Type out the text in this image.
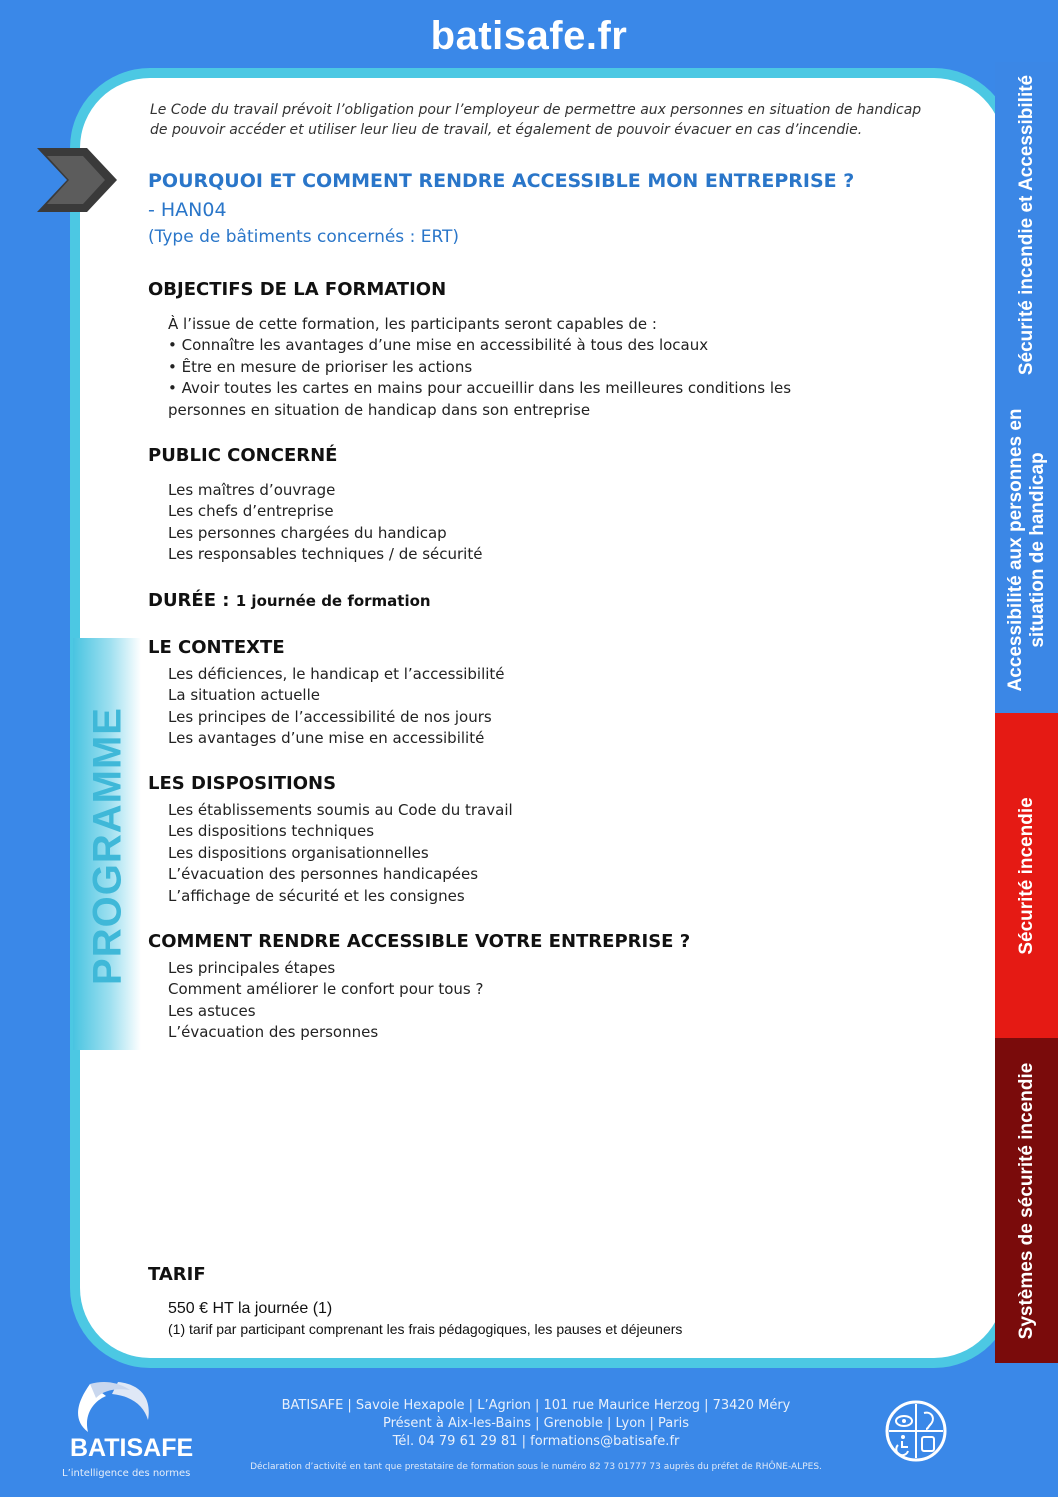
batisafe.fr
PROGRAMME
Le Code du travail prévoit l’obligation pour l’employeur de permettre aux personnes en situation de handicap de pouvoir accéder et utiliser leur lieu de travail, et également de pouvoir évacuer en cas d’incendie.
POURQUOI ET COMMENT RENDRE ACCESSIBLE MON ENTREPRISE ?
- HAN04
(Type de bâtiments concernés : ERT)
OBJECTIFS DE LA FORMATION
À l’issue de cette formation, les participants seront capables de :
• Connaître les avantages d’une mise en accessibilité à tous des locaux
• Être en mesure de prioriser les actions
• Avoir toutes les cartes en mains pour accueillir dans les meilleures conditions les
personnes en situation de handicap dans son entreprise
PUBLIC CONCERNÉ
Les maîtres d’ouvrage
Les chefs d’entreprise
Les personnes chargées du handicap
Les responsables techniques / de sécurité
DURÉE : 1 journée de formation
LE CONTEXTE
Les déficiences, le handicap et l’accessibilité
La situation actuelle
Les principes de l’accessibilité de nos jours
Les avantages d’une mise en accessibilité
LES DISPOSITIONS
Les établissements soumis au Code du travail
Les dispositions techniques
Les dispositions organisationnelles
L’évacuation des personnes handicapées
L’affichage de sécurité et les consignes
COMMENT RENDRE ACCESSIBLE VOTRE ENTREPRISE ?
Les principales étapes
Comment améliorer le confort pour tous ?
Les astuces
L’évacuation des personnes
TARIF
550 € HT la journée (1)
(1) tarif par participant comprenant les frais pédagogiques, les pauses et déjeuners
Sécurité incendie et Accessibilité
Accessibilité aux personnes en
situation de handicap
Sécurité incendie
Systèmes de sécurité incendie
BATISAFE
L’intelligence des normes
BATISAFE | Savoie Hexapole | L’Agrion | 101 rue Maurice Herzog | 73420 Méry
Présent à Aix-les-Bains | Grenoble | Lyon | Paris
Tél. 04 79 61 29 81 | formations@batisafe.fr
Déclaration d’activité en tant que prestataire de formation sous le numéro 82 73 01777 73 auprès du préfet de RHÔNE-ALPES.
